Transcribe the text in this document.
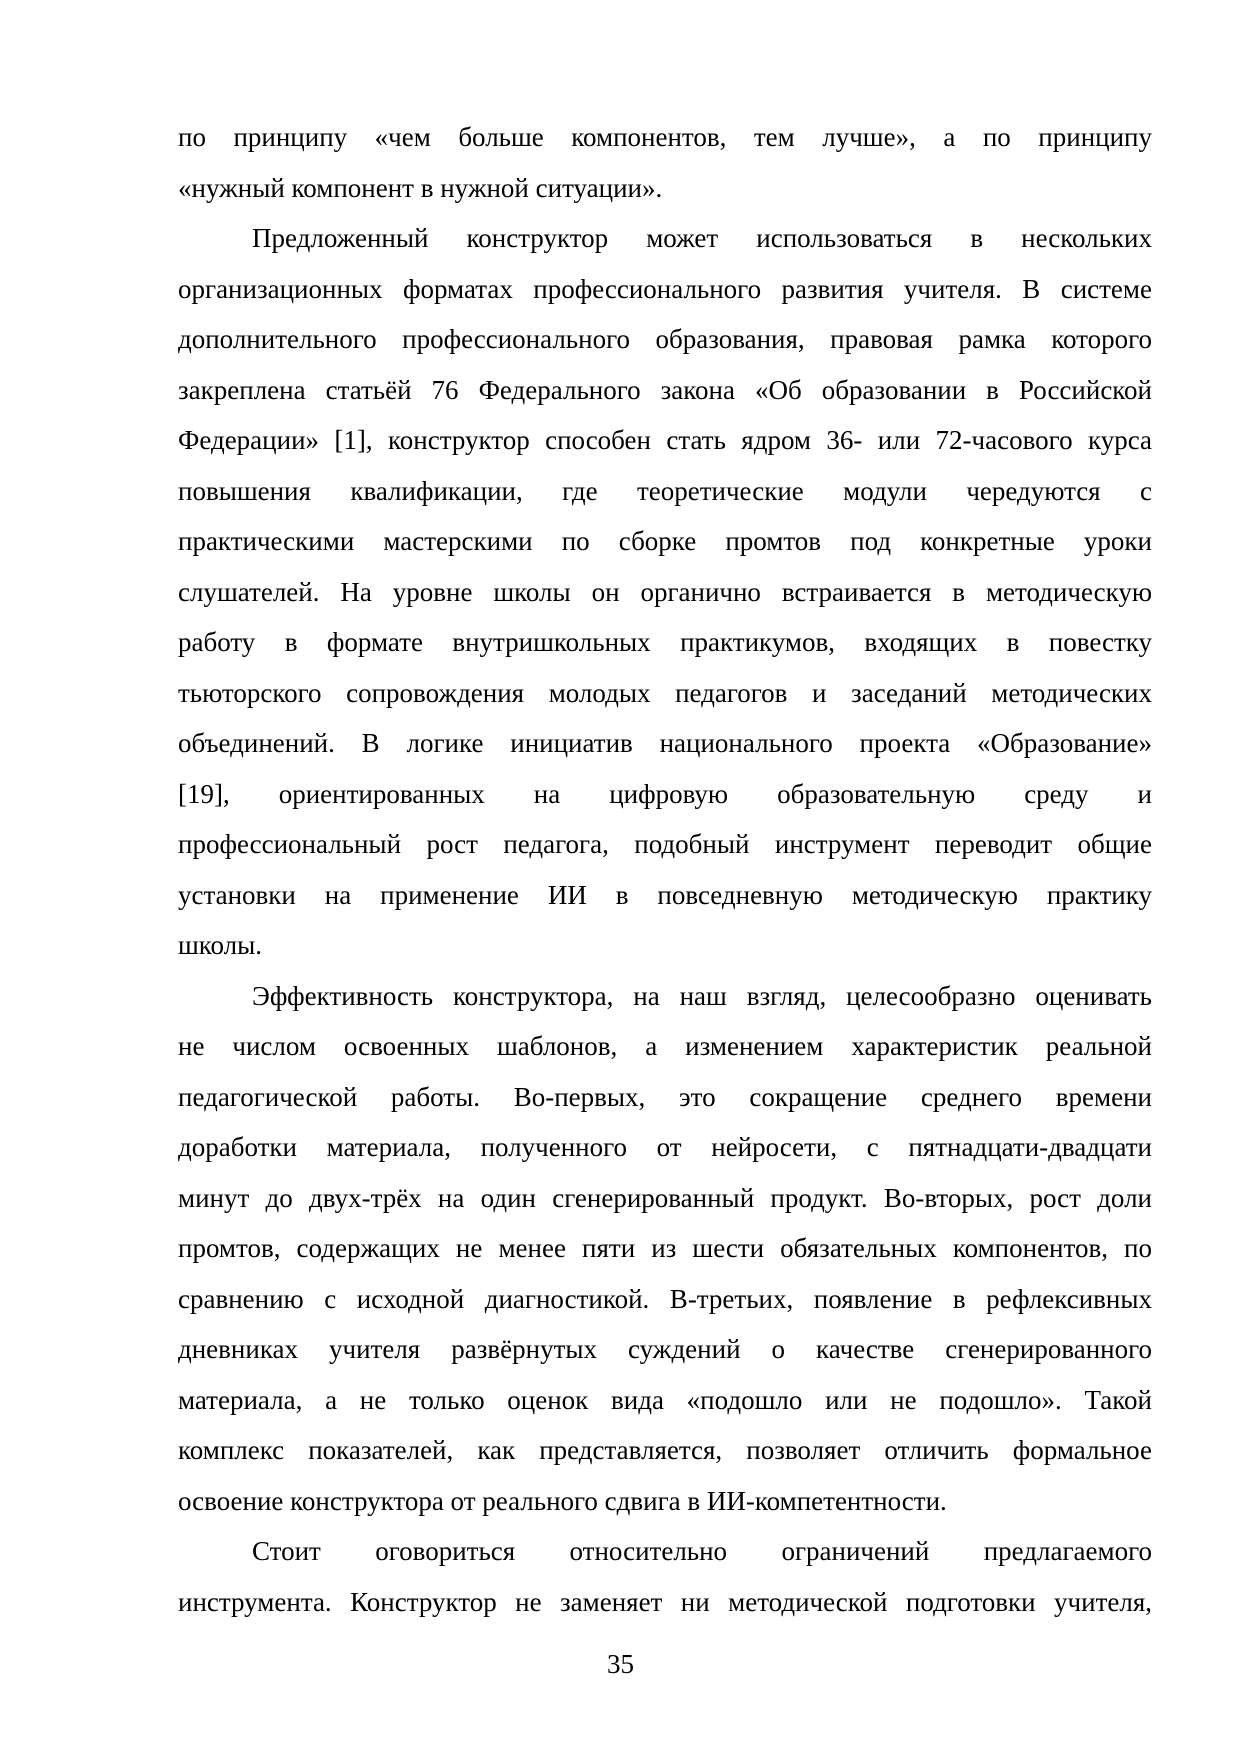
по принципу «чем больше компонентов, тем лучше», а по принципу
«нужный компонент в нужной ситуации».
Предложенный конструктор может использоваться в нескольких
организационных форматах профессионального развития учителя. В системе
дополнительного профессионального образования, правовая рамка которого
закреплена статьёй 76 Федерального закона «Об образовании в Российской
Федерации» [1], конструктор способен стать ядром 36- или 72-часового курса
повышения квалификации, где теоретические модули чередуются с
практическими мастерскими по сборке промтов под конкретные уроки
слушателей. На уровне школы он органично встраивается в методическую
работу в формате внутришкольных практикумов, входящих в повестку
тьюторского сопровождения молодых педагогов и заседаний методических
объединений. В логике инициатив национального проекта «Образование»
[19], ориентированных на цифровую образовательную среду и
профессиональный рост педагога, подобный инструмент переводит общие
установки на применение ИИ в повседневную методическую практику
школы.
Эффективность конструктора, на наш взгляд, целесообразно оценивать
не числом освоенных шаблонов, а изменением характеристик реальной
педагогической работы. Во-первых, это сокращение среднего времени
доработки материала, полученного от нейросети, с пятнадцати-двадцати
минут до двух-трёх на один сгенерированный продукт. Во-вторых, рост доли
промтов, содержащих не менее пяти из шести обязательных компонентов, по
сравнению с исходной диагностикой. В-третьих, появление в рефлексивных
дневниках учителя развёрнутых суждений о качестве сгенерированного
материала, а не только оценок вида «подошло или не подошло». Такой
комплекс показателей, как представляется, позволяет отличить формальное
освоение конструктора от реального сдвига в ИИ-компетентности.
Стоит оговориться относительно ограничений предлагаемого
инструмента. Конструктор не заменяет ни методической подготовки учителя,
35
